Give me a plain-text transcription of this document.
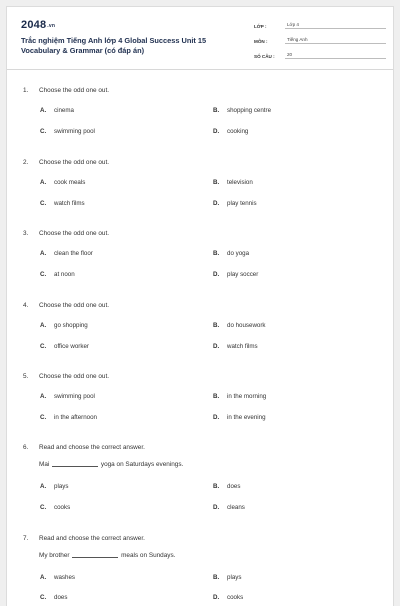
2048.vn
Trắc nghiệm Tiếng Anh lớp 4 Global Success Unit 15
Vocabulary & Grammar (có đáp án)
LỚP :	Lớp 4
MÔN :	Tiếng Anh
SỐ CÂU :	20
1.	Choose the odd one out.
A.	cinema	B.	shopping centre
C.	swimming pool	D.	cooking
2.	Choose the odd one out.
A.	cook meals	B.	television
C.	watch films	D.	play tennis
3.	Choose the odd one out.
A.	clean the floor	B.	do yoga
C.	at noon	D.	play soccer
4.	Choose the odd one out.
A.	go shopping	B.	do housework
C.	office worker	D.	watch films
5.	Choose the odd one out.
A.	swimming pool	B.	in the morning
C.	in the afternoon	D.	in the evening
6.	Read and choose the correct answer.
Mai	yoga on Saturdays evenings.
A.	plays	B.	does
C.	cooks	D.	cleans
7.	Read and choose the correct answer.
My brother	meals on Sundays.
A.	washes	B.	plays
C.	does	D.	cooks
